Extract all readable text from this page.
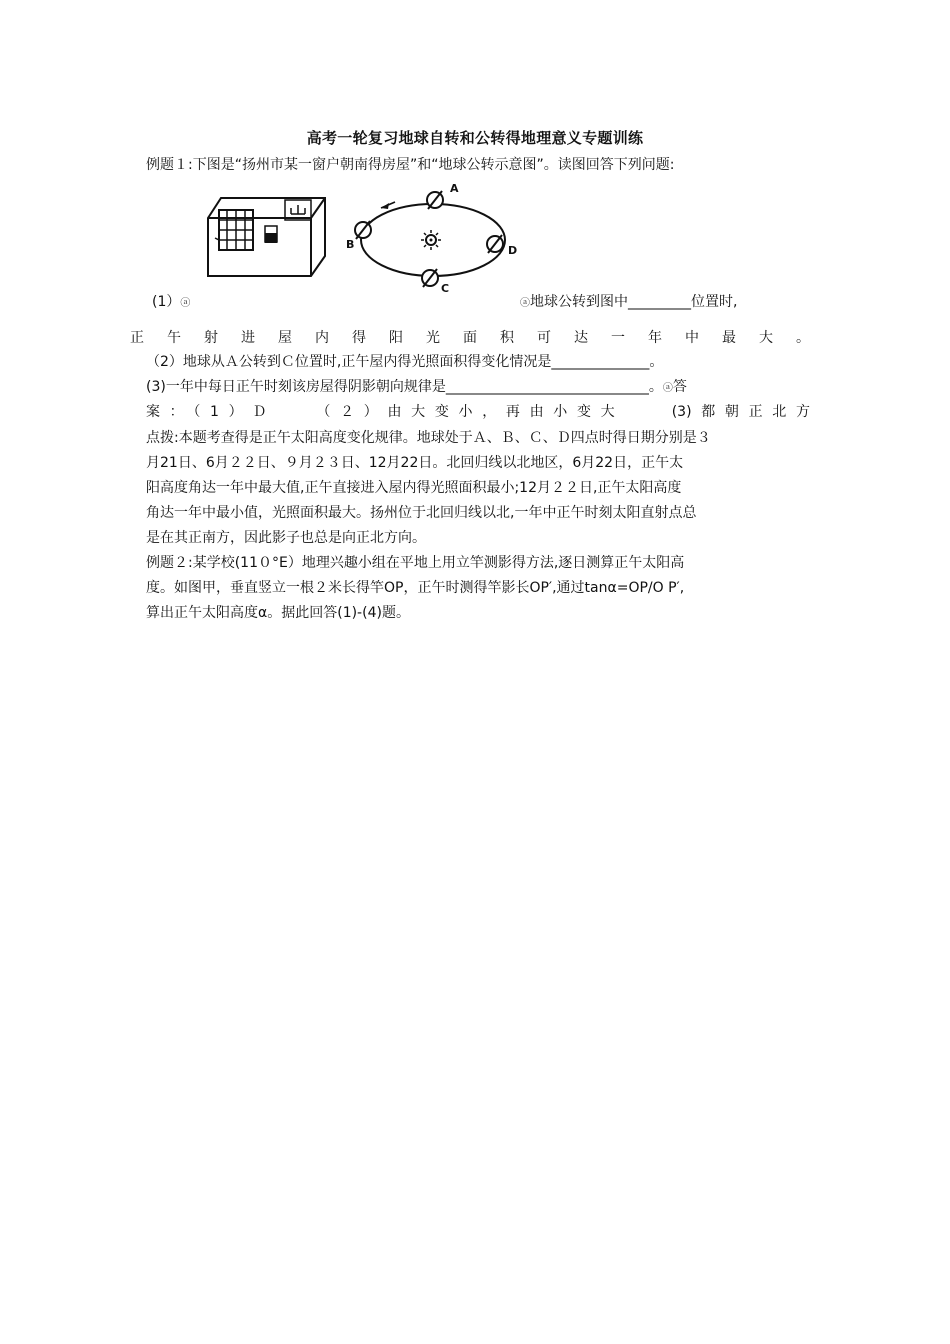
高考一轮复习地球自转和公转得地理意义专题训练
例题１:下图是“扬州市某一窗户朝南得房屋”和“地球公转示意图”。读图回答下列问题:
A
B
C
D
(1）ⓐ	ⓐ地球公转到图中_________位置时,
正　午　射　进　屋　内　得　阳　光　面　积　可　达　一　年　中　最　大　。
（2）地球从Ａ公转到Ｃ位置时,正午屋内得光照面积得变化情况是______________。
(3)一年中每日正午时刻该房屋得阴影朝向规律是_____________________________。ⓐ答
案：（1）Ｄ　　（２）由大变小，再由小变大　　(3)都朝正北方
点拨:本题考查得是正午太阳高度变化规律。地球处于Ａ、Ｂ、Ｃ、Ｄ四点时得日期分别是３
月21日、6月２２日、９月２３日、12月22日。北回归线以北地区，6月22日，正午太
阳高度角达一年中最大值,正午直接进入屋内得光照面积最小;12月２２日,正午太阳高度
角达一年中最小值，光照面积最大。扬州位于北回归线以北,一年中正午时刻太阳直射点总
是在其正南方，因此影子也总是向正北方向。
例题２:某学校(11０°E）地理兴趣小组在平地上用立竿测影得方法,逐日测算正午太阳高
度。如图甲，垂直竖立一根２米长得竿OP，正午时测得竿影长OP′,通过tanα=OP/O P′,
算出正午太阳高度α。据此回答(1)-(4)题。
